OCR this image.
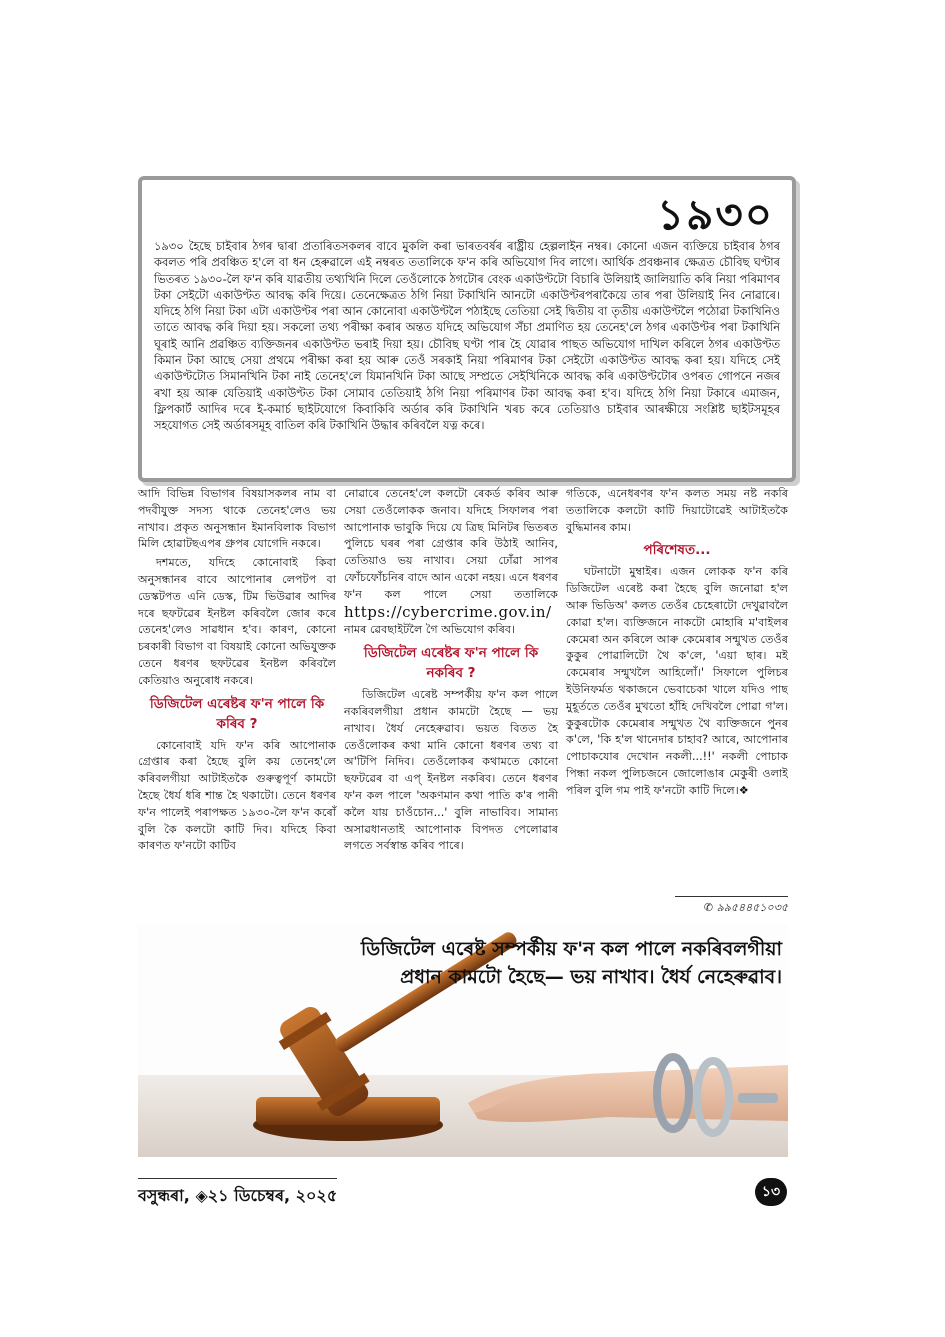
১৯৩০
১৯৩০ হৈছে চাইবাৰ ঠগৰ দ্বাৰা প্ৰতাৰিতসকলৰ বাবে মুকলি কৰা ভাৰতবৰ্ষৰ ৰাষ্ট্ৰীয় হেল্পলাইন নম্বৰ। কোনো এজন ব্যক্তিয়ে চাইবাৰ ঠগৰ কবলত পৰি প্ৰবঞ্চিত হ'লে বা ধন হেৰুৱালে এই নম্বৰত ততালিকে ফ'ন কৰি অভিযোগ দিব লাগে। আৰ্থিক প্ৰবঞ্চনাৰ ক্ষেত্ৰত চৌবিছ ঘণ্টাৰ ভিতৰত ১৯৩০-লৈ ফ'ন কৰি যাৱতীয় তথ্যখিনি দিলে তেওঁলোকে ঠগটোৰ বেংক একাউণ্টটো বিচাৰি উলিয়াই জালিয়াতি কৰি নিয়া পৰিমাণৰ টকা সেইটো একাউণ্টত আবদ্ধ কৰি দিয়ে। তেনেক্ষেত্ৰত ঠগি নিয়া টকাখিনি আনটো একাউণ্টৰপৰাকৈয়ে তাৰ পৰা উলিয়াই নিব নোৱাৰে। যদিহে ঠগি নিয়া টকা এটা একাউণ্টৰ পৰা আন কোনোবা একাউণ্টলৈ পঠাইছে তেতিয়া সেই দ্বিতীয় বা তৃতীয় একাউণ্টলৈ পঠোৱা টকাখিনিও তাতে আবদ্ধ কৰি দিয়া হয়। সকলো তথ্য পৰীক্ষা কৰাৰ অন্তত যদিহে অভিযোগ সঁচা প্ৰমাণিত হয় তেনেহ'লে ঠগৰ একাউণ্টৰ পৰা টকাখিনি ঘূৰাই আনি প্ৰৱঞ্চিত ব্যক্তিজনৰ একাউণ্টত ভৰাই দিয়া হয়। চৌবিছ ঘণ্টা পাৰ হৈ যোৱাৰ পাছত অভিযোগ দাখিল কৰিলে ঠগৰ একাউণ্টত কিমান টকা আছে সেয়া প্ৰথমে পৰীক্ষা কৰা হয় আৰু তেওঁ সৰকাই নিয়া পৰিমাণৰ টকা সেইটো একাউণ্টত আবদ্ধ কৰা হয়। যদিহে সেই একাউণ্টটোত সিমানখিনি টকা নাই তেনেহ'লে যিমানখিনি টকা আছে সম্প্ৰতে সেইখিনিকে আবদ্ধ কৰি একাউণ্টটোৰ ওপৰত গোপনে নজৰ ৰখা হয় আৰু যেতিয়াই একাউণ্টত টকা সোমাব তেতিয়াই ঠগি নিয়া পৰিমাণৰ টকা আবদ্ধ কৰা হ'ব। যদিহে ঠগি নিয়া টকাৰে এমাজন, ফ্লিপকাৰ্ট আদিৰ দৰে ই-কমাৰ্চ ছাইটযোগে কিবাকিবি অৰ্ডাৰ কৰি টকাখিনি খৰচ কৰে তেতিয়াও চাইবাৰ আৰক্ষীয়ে সংশ্লিষ্ট ছাইটসমূহৰ সহযোগত সেই অৰ্ডাৰসমূহ বাতিল কৰি টকাখিনি উদ্ধাৰ কৰিবলৈ যত্ন কৰে।

আদি বিভিন্ন বিভাগৰ বিষয়াসকলৰ নাম বা পদবীযুক্ত সদস্য থাকে তেনেহ'লেও ভয় নাখাব। প্ৰকৃত অনুসন্ধান ইমানবিলাক বিভাগ মিলি হোৱাটছএপৰ গ্ৰুপৰ যোগেদি নকৰে।

দশমতে, যদিহে কোনোবাই কিবা অনুসন্ধানৰ বাবে আপোনাৰ লেপটপ বা ডেস্কটপত এনি ডেস্ক, টিম ভিউৱাৰ আদিৰ দৰে ছফটৱেৰ ইনষ্টল কৰিবলৈ জোৰ কৰে তেনেহ'লেও সাৱধান হ'ব। কাৰণ, কোনো চৰকাৰী বিভাগ বা বিষয়াই কোনো অভিযুক্তক তেনে ধৰণৰ ছফটৱেৰ ইনষ্টল কৰিবলৈ কেতিয়াও অনুৰোধ নকৰে।

ডিজিটেল এৰেষ্টৰ ফ'ন পালে কি কৰিব ?

কোনোবাই যদি ফ'ন কৰি আপোনাক গ্ৰেপ্তাৰ কৰা হৈছে বুলি কয় তেনেহ'লে কৰিবলগীয়া আটাইতকৈ গুৰুত্বপূৰ্ণ কামটো হৈছে ধৈৰ্য ধৰি শান্ত হৈ থকাটো। তেনে ধৰণৰ ফ'ন পালেই পৰাপক্ষত ১৯৩০-লৈ ফ'ন কৰোঁ বুলি কৈ কলটো কাটি দিব। যদিহে কিবা কাৰণত ফ'নটো কাটিব

নোৱাৰে তেনেহ'লে কলটো ৰেকৰ্ড কৰিব আৰু সেয়া তেওঁলোকক জনাব। যদিহে সিফালৰ পৰা আপোনাক ভাবুকি দিয়ে যে ত্ৰিছ মিনিটৰ ভিতৰত পুলিচে ঘৰৰ পৰা গ্ৰেপ্তাৰ কৰি উঠাই আনিব, তেতিয়াও ভয় নাখাব। সেয়া ঢোঁৱা সাপৰ ফোঁচফোঁচনিৰ বাদে আন একো নহয়। এনে ধৰণৰ ফ'ন কল পালে সেয়া ততালিকে https://cybercrime.gov.in/ নামৰ ৱেবছাইটলৈ গৈ অভিযোগ কৰিব।

ডিজিটেল এৰেষ্টৰ ফ'ন পালে কি নকৰিব ?

ডিজিটেল এৰেষ্ট সম্পৰ্কীয় ফ'ন কল পালে নকৰিবলগীয়া প্ৰধান কামটো হৈছে — ভয় নাখাব। ধৈৰ্য নেহেৰুৱাব। ভয়ত বিতত হৈ তেওঁলোকৰ কথা মানি কোনো ধৰণৰ তথ্য বা অ'টিপি নিদিব। তেওঁলোকৰ কথামতে কোনো ছফটৱেৰ বা এপ্‌ ইনষ্টল নকৰিব। তেনে ধৰণৰ ফ'ন কল পালে 'অকণমান কথা পাতি ক'ৰ পানী কলৈ যায় চাওঁচোন...' বুলি নাভাবিব। সামান্য অসাৱধানতাই আপোনাক বিপদত পেলোৱাৰ লগতে সৰ্বস্বান্ত কৰিব পাৰে।

গতিকে, এনেধৰণৰ ফ'ন কলত সময় নষ্ট নকৰি ততালিকে কলটো কাটি দিয়াটোৱেই আটাইতকৈ বুদ্ধিমানৰ কাম।

পৰিশেষত...

ঘটনাটো মুম্বাইৰ। এজন লোকক ফ'ন কৰি ডিজিটেল এৰেষ্ট কৰা হৈছে বুলি জনোৱা হ'ল আৰু ভিডিঅ' কলত তেওঁৰ চেহেৰাটো দেখুৱাবলৈ কোৱা হ'ল। ব্যক্তিজনে নাকটো মোহাৰি ম'বাইলৰ কেমেৰা অন কৰিলে আৰু কেমেৰাৰ সন্মুখত তেওঁৰ কুকুৰ পোৱালিটো থৈ ক'লে, 'এয়া ছাৰ। মই কেমেৰাৰ সন্মুখলৈ আহিলোঁ।' সিফালে পুলিচৰ ইউনিফৰ্মত থকাজনে ভেবাচেকা খালে যদিও পাছ মুহূৰ্ততে তেওঁৰ মুখতো হাঁহি দেখিবলৈ পোৱা গ'ল। কুকুৰটোক কেমেৰাৰ সন্মুখত থৈ ব্যক্তিজনে পুনৰ ক'লে, 'কি হ'ল থানেদাৰ চাহাব? আৰে, আপোনাৰ পোচাকযোৰ দেখোন নকলী...!!' নকলী পোচাক পিন্ধা নকল পুলিচজনে জোলোঙাৰ মেকুৰী ওলাই পৰিল বুলি গম পাই ফ'নটো কাটি দিলে।❖

✆ ৯৯৫৪৪৫১০৩৫
ডিজিটেল এৰেষ্ট সম্পৰ্কীয় ফ'ন কল পালে নকৰিবলগীয়া প্ৰধান কামটো হৈছে— ভয় নাখাব। ধৈৰ্য নেহেৰুৱাব।
বসুন্ধৰা, ◈২১ ডিচেম্বৰ, ২০২৫	১৩
